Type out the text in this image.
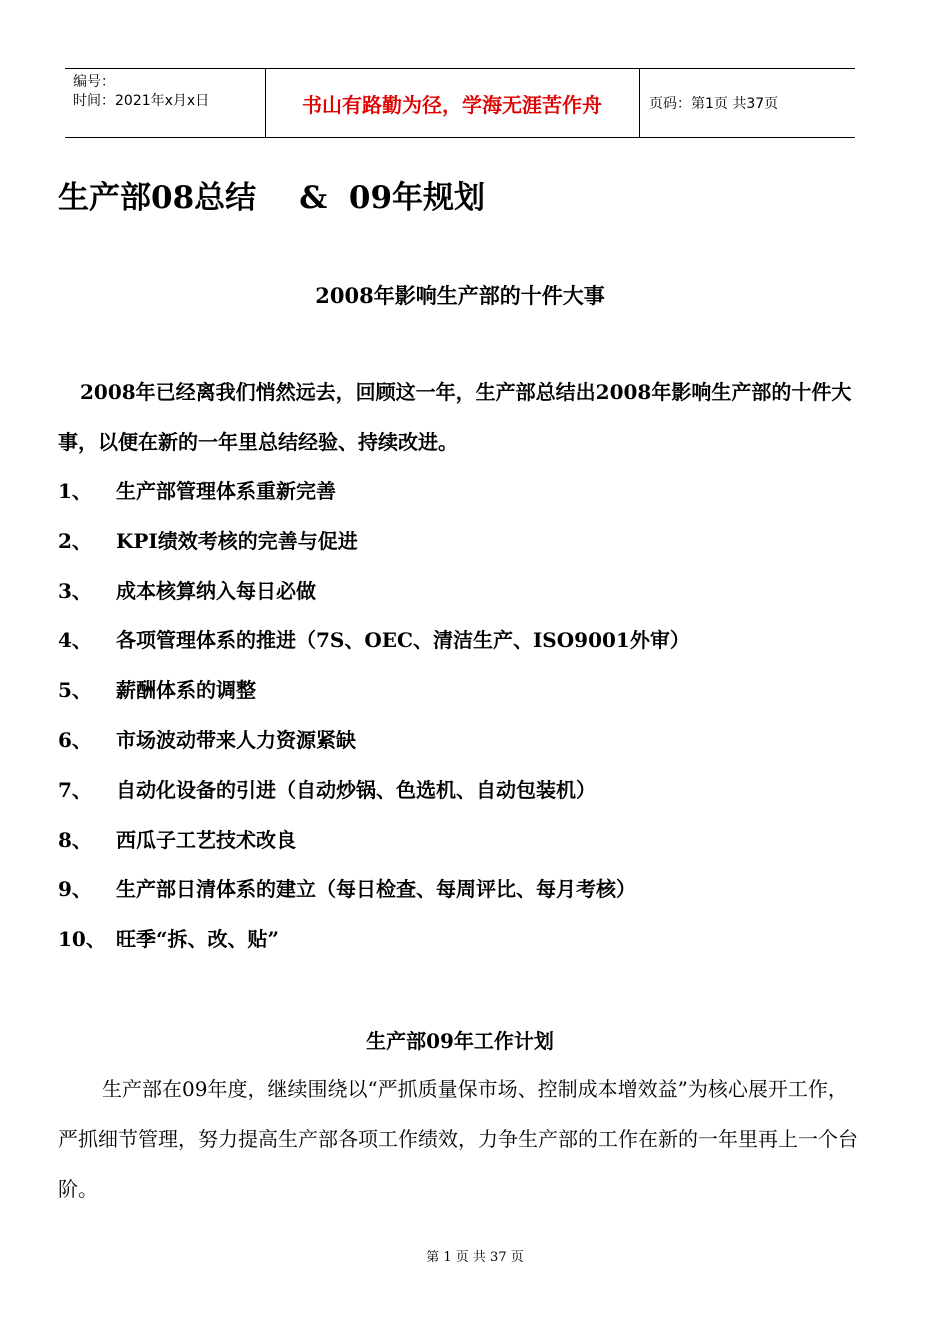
编号：
时间：2021年x月x日	书山有路勤为径，学海无涯苦作舟	页码：第1页 共37页
生产部08总结    &  09年规划
2008年影响生产部的十件大事
2008年已经离我们悄然远去，回顾这一年，生产部总结出2008年影响生产部的十件大事，以便在新的一年里总结经验、持续改进。
1、	生产部管理体系重新完善
2、	KPI绩效考核的完善与促进
3、	成本核算纳入每日必做
4、	各项管理体系的推进（7S、OEC、清洁生产、ISO9001外审）
5、	薪酬体系的调整
6、	市场波动带来人力资源紧缺
7、	自动化设备的引进（自动炒锅、色选机、自动包装机）
8、	西瓜子工艺技术改良
9、	生产部日清体系的建立（每日检查、每周评比、每月考核）
10、 旺季“拆、改、贴”
生产部09年工作计划
生产部在09年度，继续围绕以“严抓质量保市场、控制成本增效益”为核心展开工作，严抓细节管理，努力提高生产部各项工作绩效，力争生产部的工作在新的一年里再上一个台阶。
第 1 页 共 37 页
